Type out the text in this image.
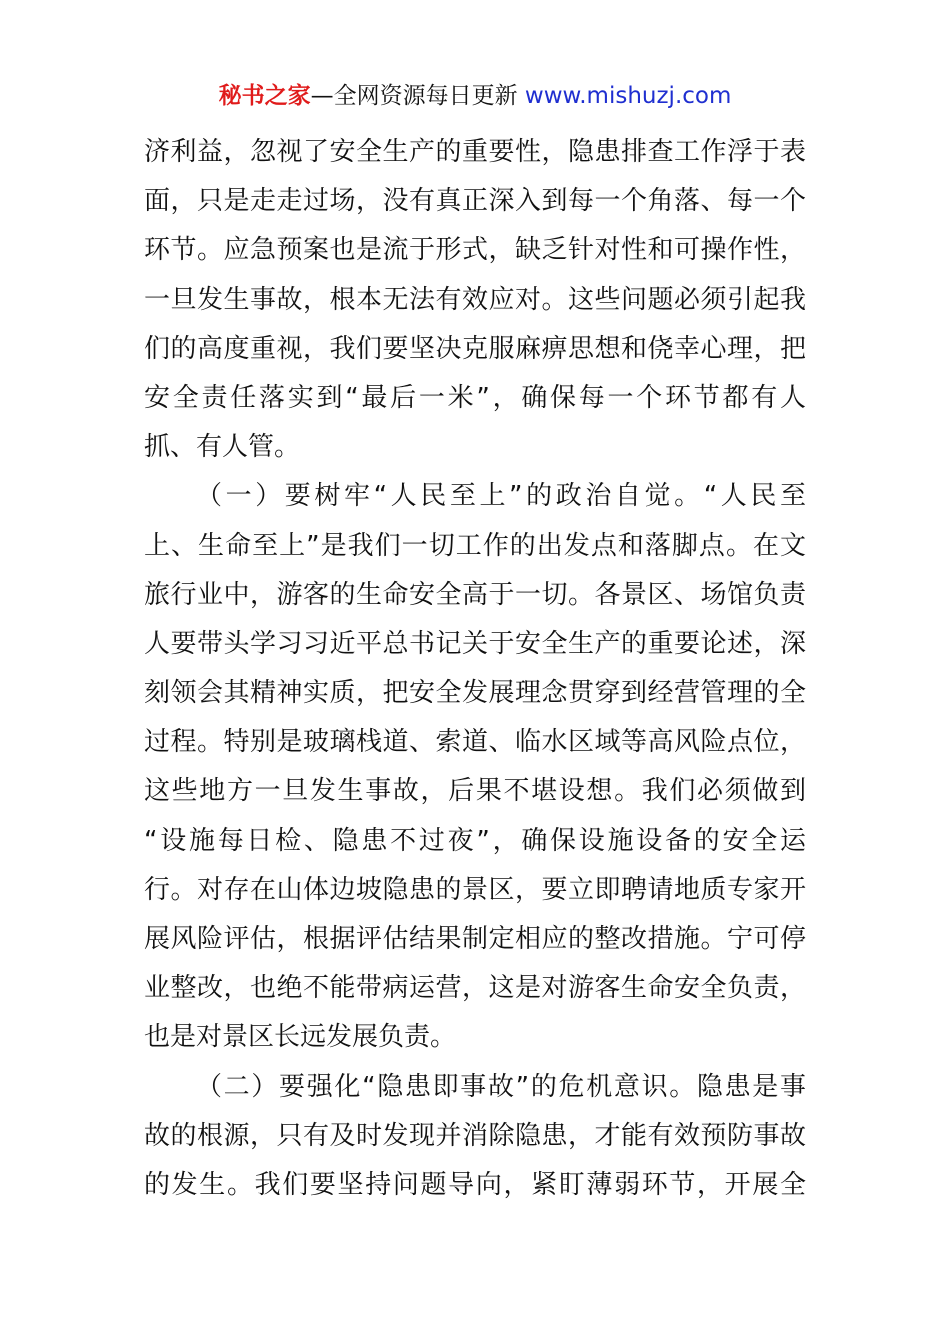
秘书之家—全网资源每日更新 www.mishuzj.com
济利益，忽视了安全生产的重要性，隐患排查工作浮于表
面，只是走走过场，没有真正深入到每一个角落、每一个
环节。应急预案也是流于形式，缺乏针对性和可操作性，
一旦发生事故，根本无法有效应对。这些问题必须引起我
们的高度重视，我们要坚决克服麻痹思想和侥幸心理，把
安全责任落实到“最后一米”，确保每一个环节都有人
抓、有人管。
（一）要树牢“人民至上”的政治自觉。“人民至
上、生命至上”是我们一切工作的出发点和落脚点。在文
旅行业中，游客的生命安全高于一切。各景区、场馆负责
人要带头学习习近平总书记关于安全生产的重要论述，深
刻领会其精神实质，把安全发展理念贯穿到经营管理的全
过程。特别是玻璃栈道、索道、临水区域等高风险点位，
这些地方一旦发生事故，后果不堪设想。我们必须做到
“设施每日检、隐患不过夜”，确保设施设备的安全运
行。对存在山体边坡隐患的景区，要立即聘请地质专家开
展风险评估，根据评估结果制定相应的整改措施。宁可停
业整改，也绝不能带病运营，这是对游客生命安全负责，
也是对景区长远发展负责。
（二）要强化“隐患即事故”的危机意识。隐患是事
故的根源，只有及时发现并消除隐患，才能有效预防事故
的发生。我们要坚持问题导向，紧盯薄弱环节，开展全
